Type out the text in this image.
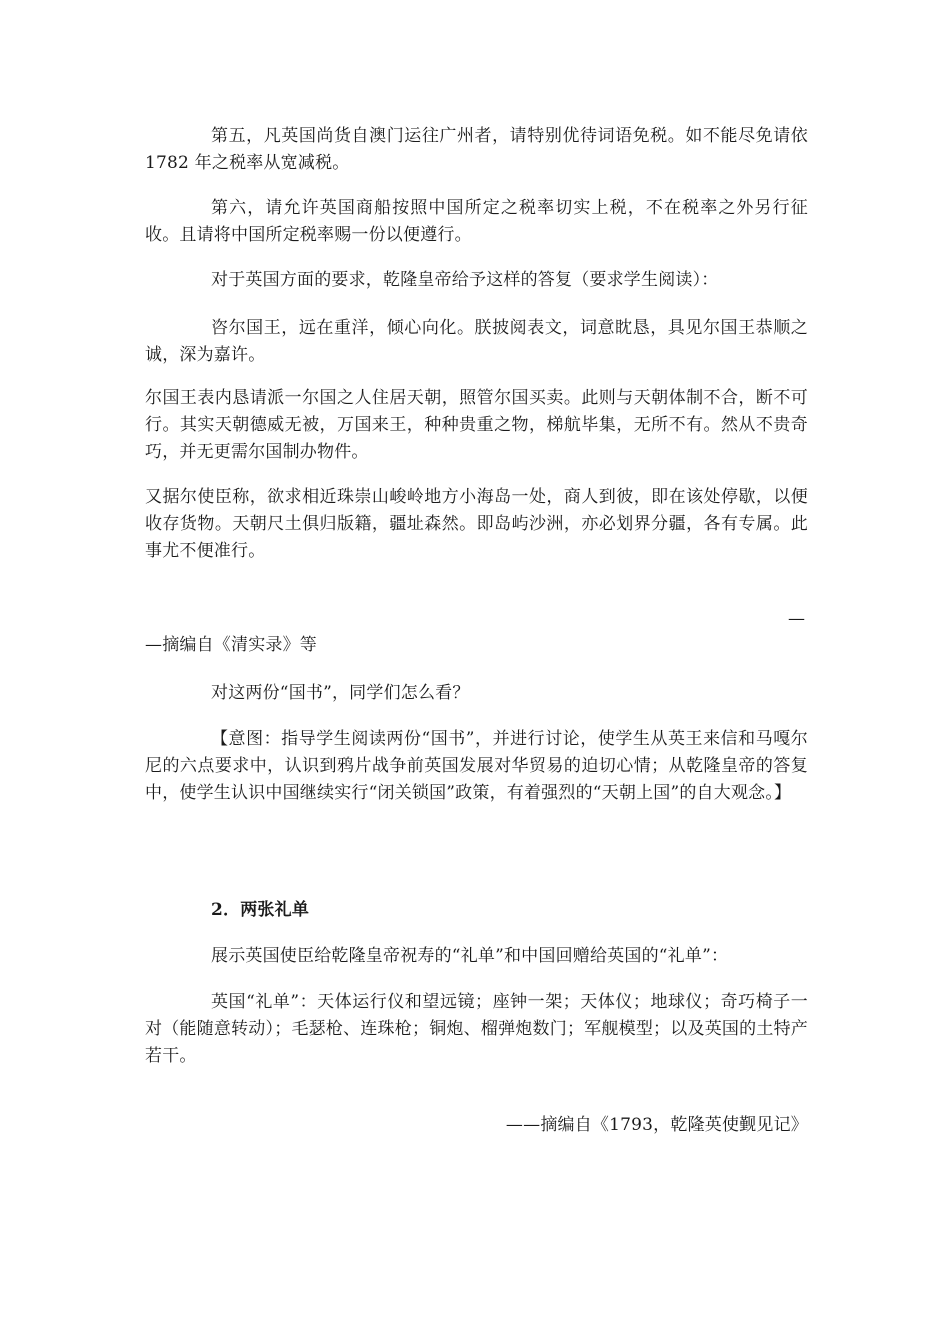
第五，凡英国尚货自澳门运往广州者，请特别优待词语免税。如不能尽免请依 1782 年之税率从宽减税。

第六，请允许英国商船按照中国所定之税率切实上税，不在税率之外另行征收。且请将中国所定税率赐一份以便遵行。

对于英国方面的要求，乾隆皇帝给予这样的答复（要求学生阅读）：

咨尔国王，远在重洋，倾心向化。朕披阅表文，词意眈恳，具见尔国王恭顺之诚，深为嘉许。

尔国王表内恳请派一尔国之人住居天朝，照管尔国买卖。此则与天朝体制不合，断不可行。其实天朝德威无被，万国来王，种种贵重之物，梯航毕集，无所不有。然从不贵奇巧，并无更需尔国制办物件。

又据尔使臣称，欲求相近珠崇山峻岭地方小海岛一处，商人到彼，即在该处停歇，以便收存货物。天朝尺土俱归版籍，疆址森然。即岛屿沙洲，亦必划界分疆，各有专属。此事尤不便准行。

—

—摘编自《清实录》等

对这两份“国书”，同学们怎么看？

【意图：指导学生阅读两份“国书”，并进行讨论，使学生从英王来信和马嘎尔尼的六点要求中，认识到鸦片战争前英国发展对华贸易的迫切心情；从乾隆皇帝的答复中，使学生认识中国继续实行“闭关锁国”政策，有着强烈的“天朝上国”的自大观念。】

2．两张礼单

展示英国使臣给乾隆皇帝祝寿的“礼单”和中国回赠给英国的“礼单”：

英国“礼单”：天体运行仪和望远镜；座钟一架；天体仪；地球仪；奇巧椅子一对（能随意转动）；毛瑟枪、连珠枪；铜炮、榴弹炮数门；军舰模型；以及英国的土特产若干。

——摘编自《1793，乾隆英使觐见记》
